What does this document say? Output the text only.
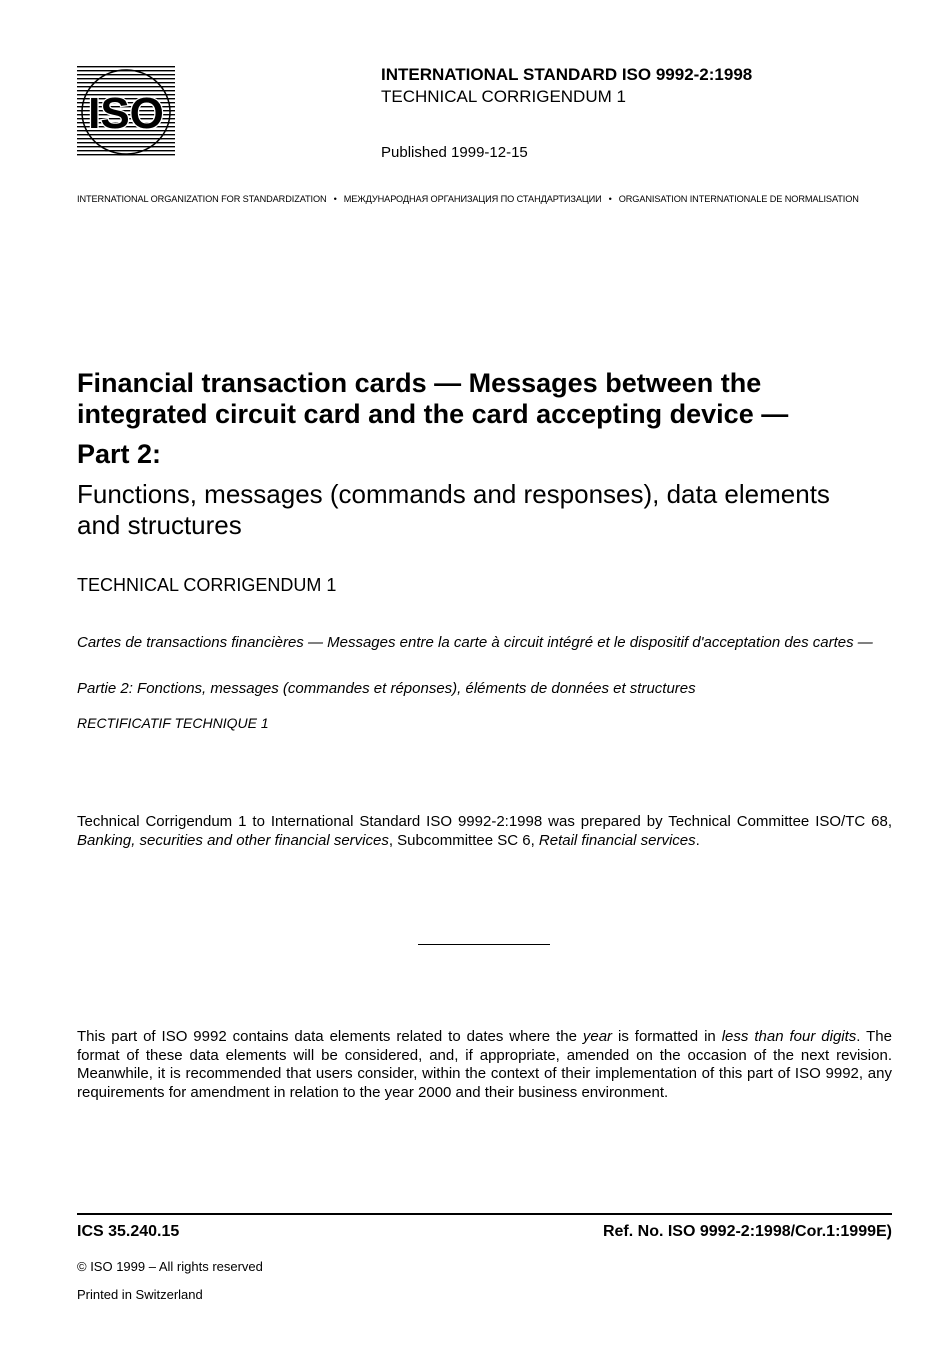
ISO
INTERNATIONAL STANDARD ISO 9992-2:1998
TECHNICAL CORRIGENDUM 1
Published 1999-12-15
INTERNATIONAL ORGANIZATION FOR STANDARDIZATION • МЕЖДУНАРОДНАЯ ОРГАНИЗАЦИЯ ПО СТАНДАРТИЗАЦИИ • ORGANISATION INTERNATIONALE DE NORMALISATION
Financial transaction cards — Messages between the
integrated circuit card and the card accepting device —
Part 2:
Functions, messages (commands and responses), data elements and structures
TECHNICAL CORRIGENDUM 1
Cartes de transactions financières — Messages entre la carte à circuit intégré et le dispositif d'acceptation des cartes —
Partie 2: Fonctions, messages (commandes et réponses), éléments de données et structures
RECTIFICATIF TECHNIQUE 1
Technical Corrigendum 1 to International Standard ISO 9992-2:1998 was prepared by Technical Committee ISO/TC 68, Banking, securities and other financial services, Subcommittee SC 6, Retail financial services.
This part of ISO 9992 contains data elements related to dates where the year is formatted in less than four digits. The format of these data elements will be considered, and, if appropriate, amended on the occasion of the next revision. Meanwhile, it is recommended that users consider, within the context of their implementation of this part of ISO 9992, any requirements for amendment in relation to the year 2000 and their business environment.
ICS 35.240.15	Ref. No. ISO 9992-2:1998/Cor.1:1999E)
© ISO 1999 – All rights reserved
Printed in Switzerland
